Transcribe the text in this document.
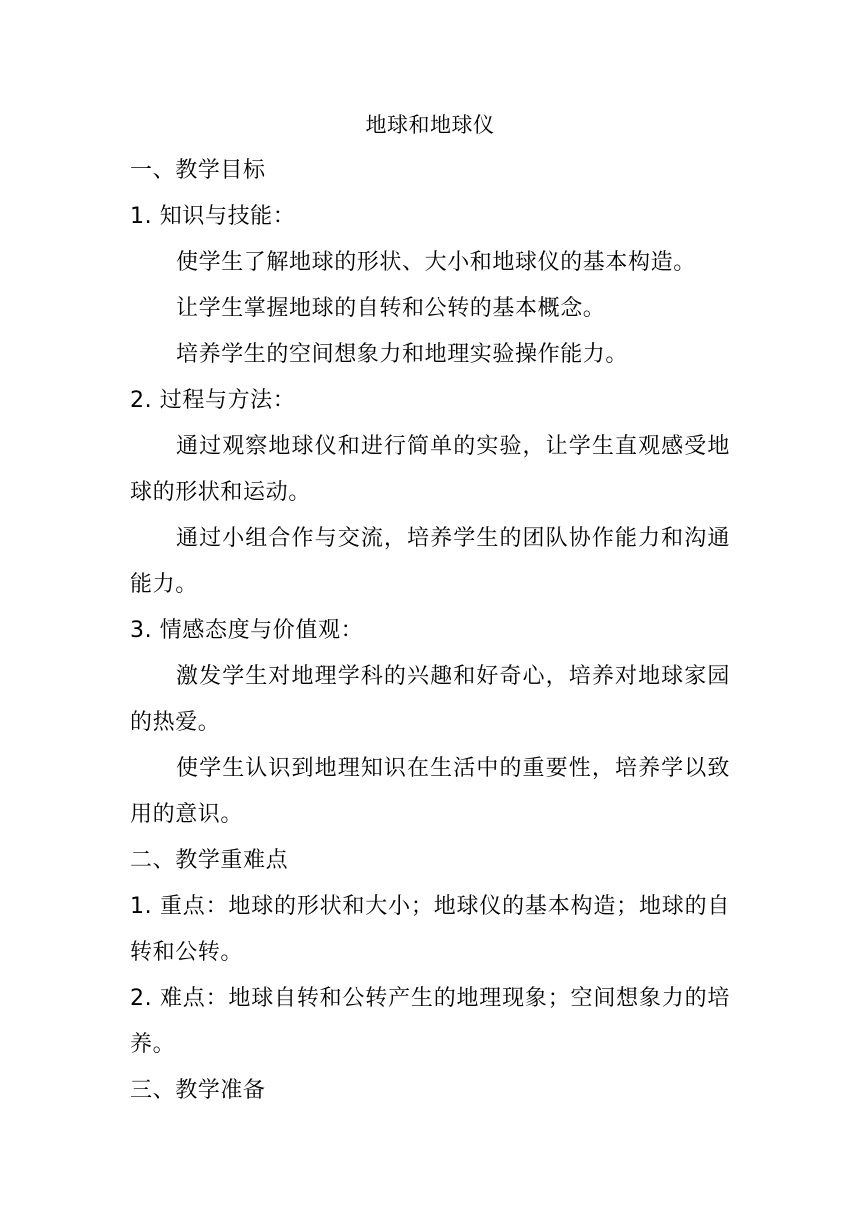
地球和地球仪

一、教学目标

1. 知识与技能：

使学生了解地球的形状、大小和地球仪的基本构造。

让学生掌握地球的自转和公转的基本概念。

培养学生的空间想象力和地理实验操作能力。

2. 过程与方法：

通过观察地球仪和进行简单的实验，让学生直观感受地球的形状和运动。

通过小组合作与交流，培养学生的团队协作能力和沟通能力。

3. 情感态度与价值观：

激发学生对地理学科的兴趣和好奇心，培养对地球家园的热爱。

使学生认识到地理知识在生活中的重要性，培养学以致用的意识。

二、教学重难点

1. 重点：地球的形状和大小；地球仪的基本构造；地球的自转和公转。

2. 难点：地球自转和公转产生的地理现象；空间想象力的培养。

三、教学准备
